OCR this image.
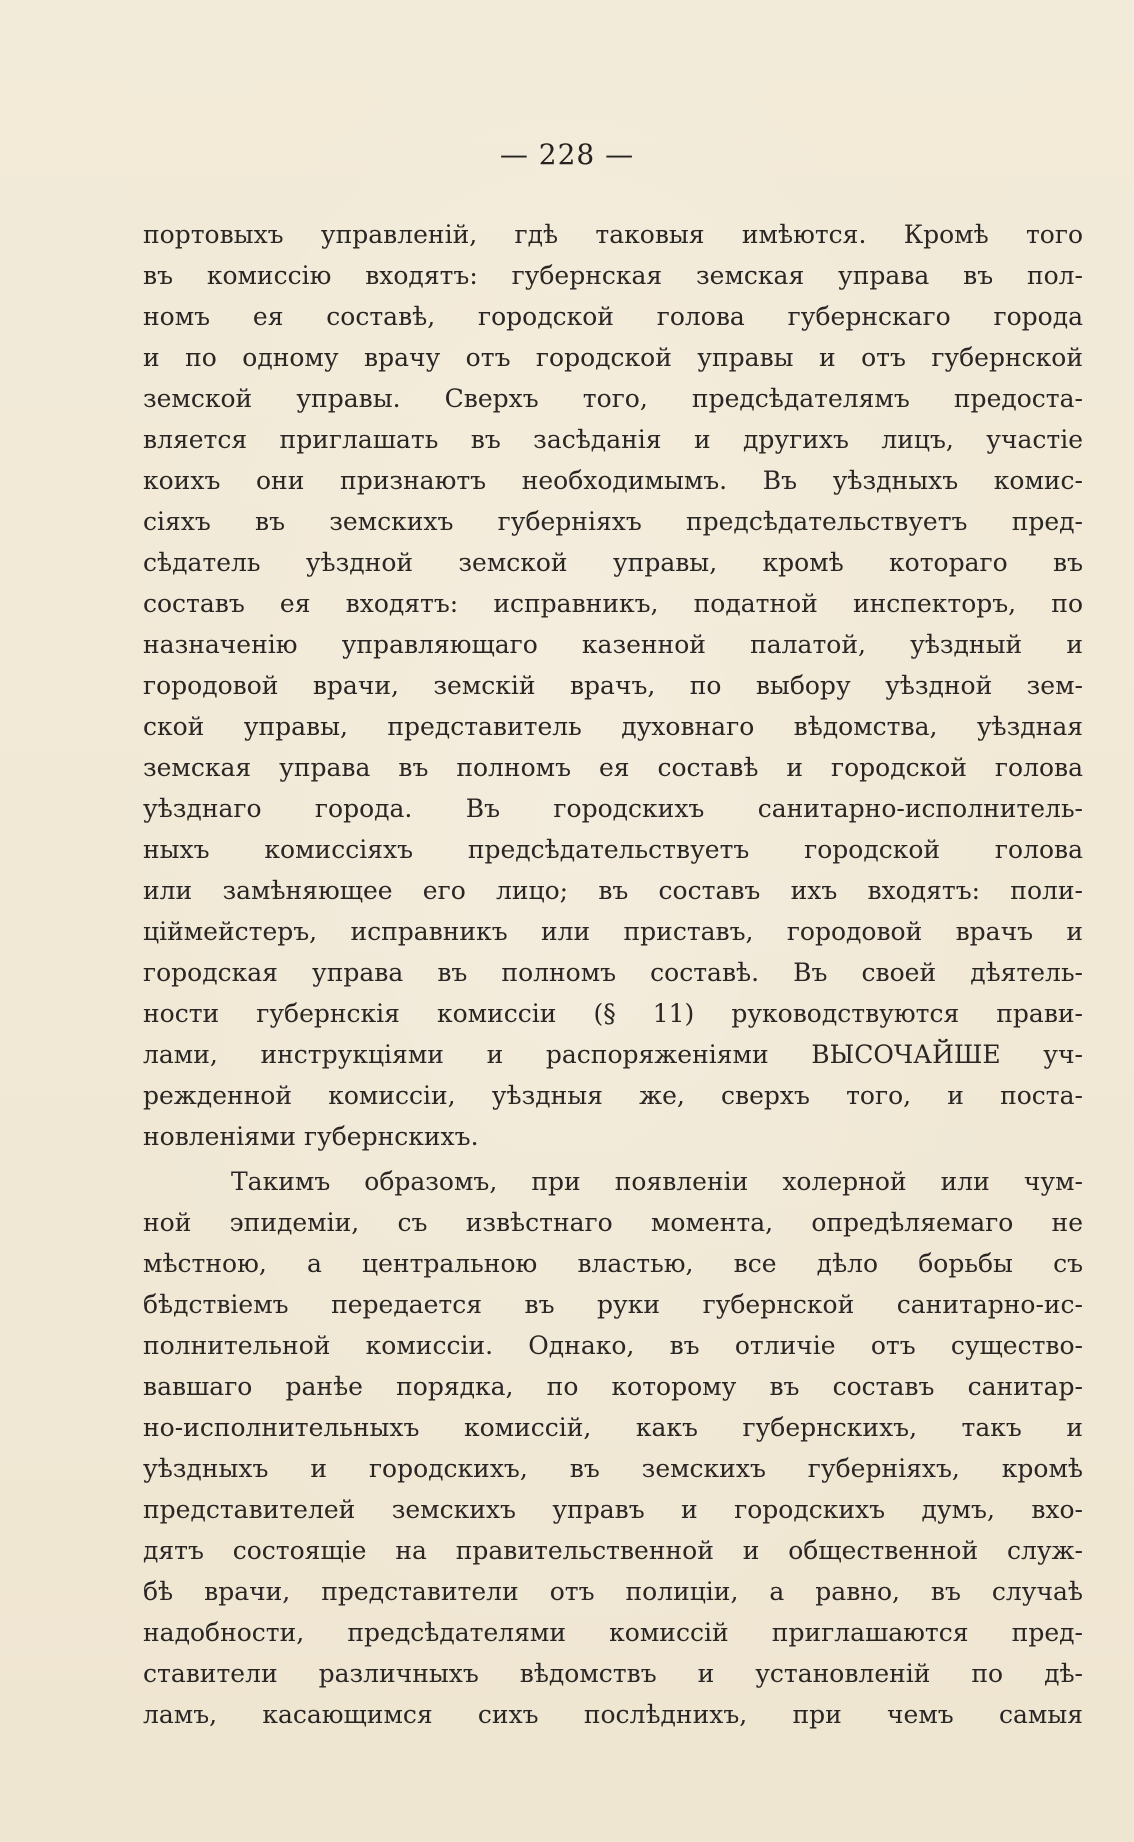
— 228 —
портовыхъ управленій, гдѣ таковыя имѣются. Кромѣ того
въ комиссію входятъ: губернская земская управа въ пол-
номъ ея составѣ, городской голова губернскаго города
и по одному врачу отъ городской управы и отъ губернской
земской управы. Сверхъ того, предсѣдателямъ предоста-
вляется приглашать въ засѣданія и другихъ лицъ, участіе
коихъ они признаютъ необходимымъ. Въ уѣздныхъ комис-
сіяхъ въ земскихъ губерніяхъ предсѣдательствуетъ пред-
сѣдатель уѣздной земской управы, кромѣ котораго въ
составъ ея входятъ: исправникъ, податной инспекторъ, по
назначенію управляющаго казенной палатой, уѣздный и
городовой врачи, земскій врачъ, по выбору уѣздной зем-
ской управы, представитель духовнаго вѣдомства, уѣздная
земская управа въ полномъ ея составѣ и городской голова
уѣзднаго города. Въ городскихъ санитарно-исполнитель-
ныхъ комиссіяхъ предсѣдательствуетъ городской голова
или замѣняющее его лицо; въ составъ ихъ входятъ: поли-
ціймейстеръ, исправникъ или приставъ, городовой врачъ и
городская управа въ полномъ составѣ. Въ своей дѣятель-
ности губернскія комиссіи (§ 11) руководствуются прави-
лами, инструкціями и распоряженіями ВЫСОЧАЙШЕ уч-
режденной комиссіи, уѣздныя же, сверхъ того, и поста-
новленіями губернскихъ.
Такимъ образомъ, при появленіи холерной или чум-
ной эпидеміи, съ извѣстнаго момента, опредѣляемаго не
мѣстною, а центральною властью, все дѣло борьбы съ
бѣдствіемъ передается въ руки губернской санитарно-ис-
полнительной комиссіи. Однако, въ отличіе отъ существо-
вавшаго ранѣе порядка, по которому въ составъ санитар-
но-исполнительныхъ комиссій, какъ губернскихъ, такъ и
уѣздныхъ и городскихъ, въ земскихъ губерніяхъ, кромѣ
представителей земскихъ управъ и городскихъ думъ, вхо-
дятъ состоящіе на правительственной и общественной служ-
бѣ врачи, представители отъ полиціи, а равно, въ случаѣ
надобности, предсѣдателями комиссій приглашаются пред-
ставители различныхъ вѣдомствъ и установленій по дѣ-
ламъ, касающимся сихъ послѣднихъ, при чемъ самыя
